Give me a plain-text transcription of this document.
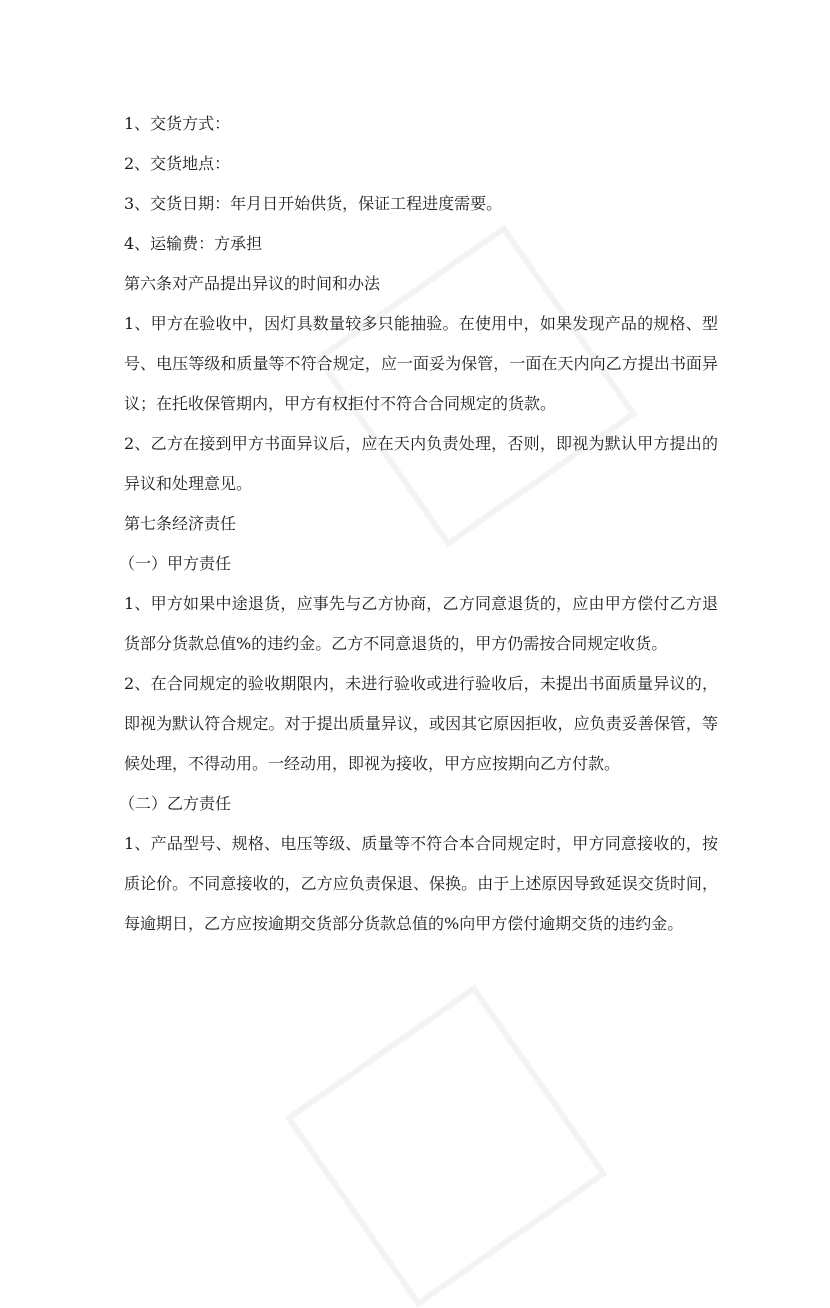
1、交货方式：

2、交货地点：

3、交货日期：年月日开始供货，保证工程进度需要。

4、运输费：方承担

第六条对产品提出异议的时间和办法

1、甲方在验收中，因灯具数量较多只能抽验。在使用中，如果发现产品的规格、型号、电压等级和质量等不符合规定，应一面妥为保管，一面在天内向乙方提出书面异议；在托收保管期内，甲方有权拒付不符合合同规定的货款。

2、乙方在接到甲方书面异议后，应在天内负责处理，否则，即视为默认甲方提出的异议和处理意见。

第七条经济责任

（一）甲方责任

1、甲方如果中途退货，应事先与乙方协商，乙方同意退货的，应由甲方偿付乙方退货部分货款总值%的违约金。乙方不同意退货的，甲方仍需按合同规定收货。

2、在合同规定的验收期限内，未进行验收或进行验收后，未提出书面质量异议的，即视为默认符合规定。对于提出质量异议，或因其它原因拒收，应负责妥善保管，等候处理，不得动用。一经动用，即视为接收，甲方应按期向乙方付款。

（二）乙方责任

1、产品型号、规格、电压等级、质量等不符合本合同规定时，甲方同意接收的，按质论价。不同意接收的，乙方应负责保退、保换。由于上述原因导致延误交货时间，每逾期日，乙方应按逾期交货部分货款总值的%向甲方偿付逾期交货的违约金。
